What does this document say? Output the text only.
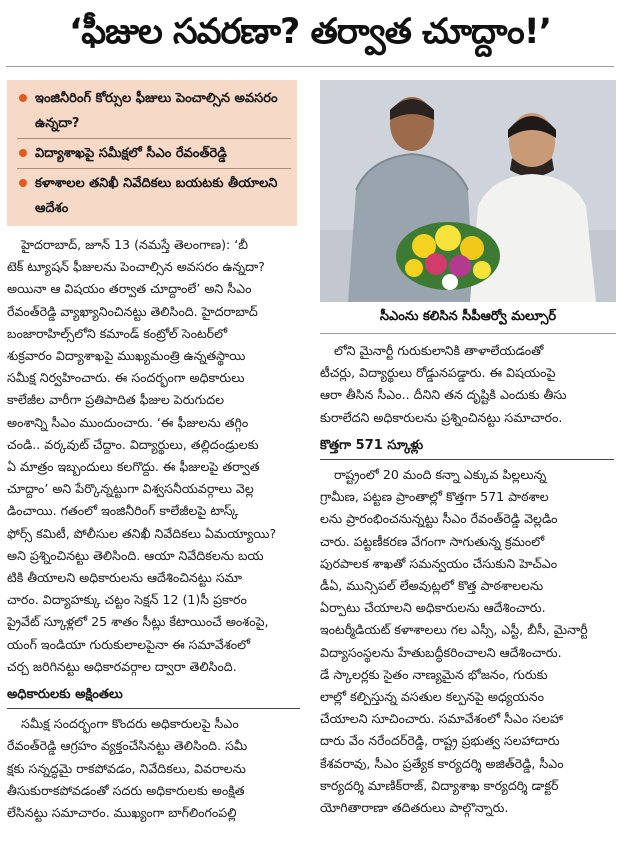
‘ఫీజుల సవరణా? తర్వాత చూద్దాం!’
ఇంజినీరింగ్ కోర్సుల ఫీజులు పెంచాల్సిన అవసరం ఉన్నదా?
విద్యాశాఖపై సమీక్షలో సీఎం రేవంత్‌రెడ్డి
కళాశాలల తనిఖీ నివేదికలు బయటకు తీయాలని ఆదేశం
సీఎంను కలిసిన సీపీఆర్వో మల్సూర్
హైదరాబాద్, జూన్ 13 (నమస్తే తెలంగాణ): ‘బీ
టెక్ ట్యూషన్ ఫీజులను పెంచాల్సిన అవసరం ఉన్నదా?
అయినా ఆ విషయం తర్వాత చూద్దాంలే’ అని సీఎం
రేవంత్‌రెడ్డి వ్యాఖ్యానించినట్టు తెలిసింది. హైదరాబాద్
బంజారాహిల్స్‌లోని కమాండ్ కంట్రోల్ సెంటర్‌లో
శుక్రవారం విద్యాశాఖపై ముఖ్యమంత్రి ఉన్నతస్థాయి
సమీక్ష నిర్వహించారు. ఈ సందర్భంగా అధికారులు
కాలేజీల వారీగా ప్రతిపాదిత ఫీజుల పెరుగుదల
అంశాన్ని సీఎం ముందుంచారు. ‘ఈ ఫీజులను తగ్గిం
చండి.. వర్కవుట్ చేద్దాం. విద్యార్థులు, తల్లిదండ్రులకు
ఏ మాత్రం ఇబ్బందులు కలగొద్దు. ఈ ఫీజులపై తర్వాత
చూద్దాం’ అని పేర్కొన్నట్టుగా విశ్వసనీయవర్గాలు వెల్ల
డించాయి. గతంలో ఇంజినీరింగ్ కాలేజీలపై టాస్క్
ఫోర్స్ కమిటీ, పోలీసుల తనిఖీ నివేదికలు ఏమయ్యాయి?
అని ప్రశ్నించినట్టు తెలిసింది. ఆయా నివేదికలను బయ
టికి తీయాలని అధికారులను ఆదేశించినట్టు సమా
చారం. విద్యాహక్కు చట్టం సెక్షన్ 12 (1)సీ ప్రకారం
ప్రైవేట్ స్కూళ్లలో 25 శాతం సీట్లు కేటాయించే అంశంపై,
యంగ్ ఇండియా గురుకులాలపైనా ఈ సమావేశంలో
చర్చ జరిగినట్టు అధికారవర్గాల ద్వారా తెలిసింది.
అధికారులకు అక్షింతలు
సమీక్ష సందర్భంగా కొందరు అధికారులపై సీఎం
రేవంత్‌రెడ్డి ఆగ్రహం వ్యక్తంచేసినట్టు తెలిసింది. సమీ
క్షకు సన్నద్ధమై రాకపోవడం, నివేదికలు, వివరాలను
తీసుకురాకపోవడంతో సదరు అధికారులకు అంక్షిత
లేసినట్టు సమాచారం. ముఖ్యంగా బాగ్‌లింగంపల్లి
లోని మైనార్టీ గురుకులానికి తాళాలేయడంతో
టీచర్లు, విద్యార్థులు రోడ్డునపడ్డారు. ఈ విషయంపై
ఆరా తీసిన సీఎం.. దీనిని తన దృష్టికి ఎందుకు తీసు
కురాలేదని అధికారులను ప్రశ్నించినట్టు సమాచారం.
కొత్తగా 571 స్కూళ్లు
రాష్ట్రంలో 20 మంది కన్నా ఎక్కువ పిల్లలున్న
గ్రామీణ, పట్టణ ప్రాంతాల్లో కొత్తగా 571 పాఠశాల
లను ప్రారంభించనున్నట్టు సీఎం రేవంత్‌రెడ్డి వెల్లడిం
చారు. పట్టణీకరణ వేగంగా సాగుతున్న క్రమంలో
పురపాలక శాఖతో సమన్వయం చేసుకుని హెచ్‌ఎం
డీఏ, మున్సిపల్ లేఅవుట్లలో కొత్త పాఠశాలలను
ఏర్పాటు చేయాలని అధికారులను ఆదేశించారు.
ఇంటర్మీడియట్ కళాశాలలు గల ఎస్సీ, ఎస్టీ, బీసీ, మైనార్టీ
విద్యాసంస్థలను హేతుబద్ధీకరించాలని ఆదేశించారు.
డే స్కాలర్లకు సైతం నాణ్యమైన భోజనం, గురుకు
లాల్లో కల్పిస్తున్న వసతుల కల్పనపై అధ్యయనం
చేయాలని సూచించారు. సమావేశంలో సీఎం సలహా
దారు వేం నరేందర్‌రెడ్డి, రాష్ట్ర ప్రభుత్వ సలహాదారు
కేశవరావు, సీఎం ప్రత్యేక కార్యదర్శి అజిత్‌రెడ్డి, సీఎం
కార్యదర్శి మాణిక్‌రాజ్, విద్యాశాఖ కార్యదర్శి డాక్టర్
యోగితారాణా తదితరులు పాల్గొన్నారు.
